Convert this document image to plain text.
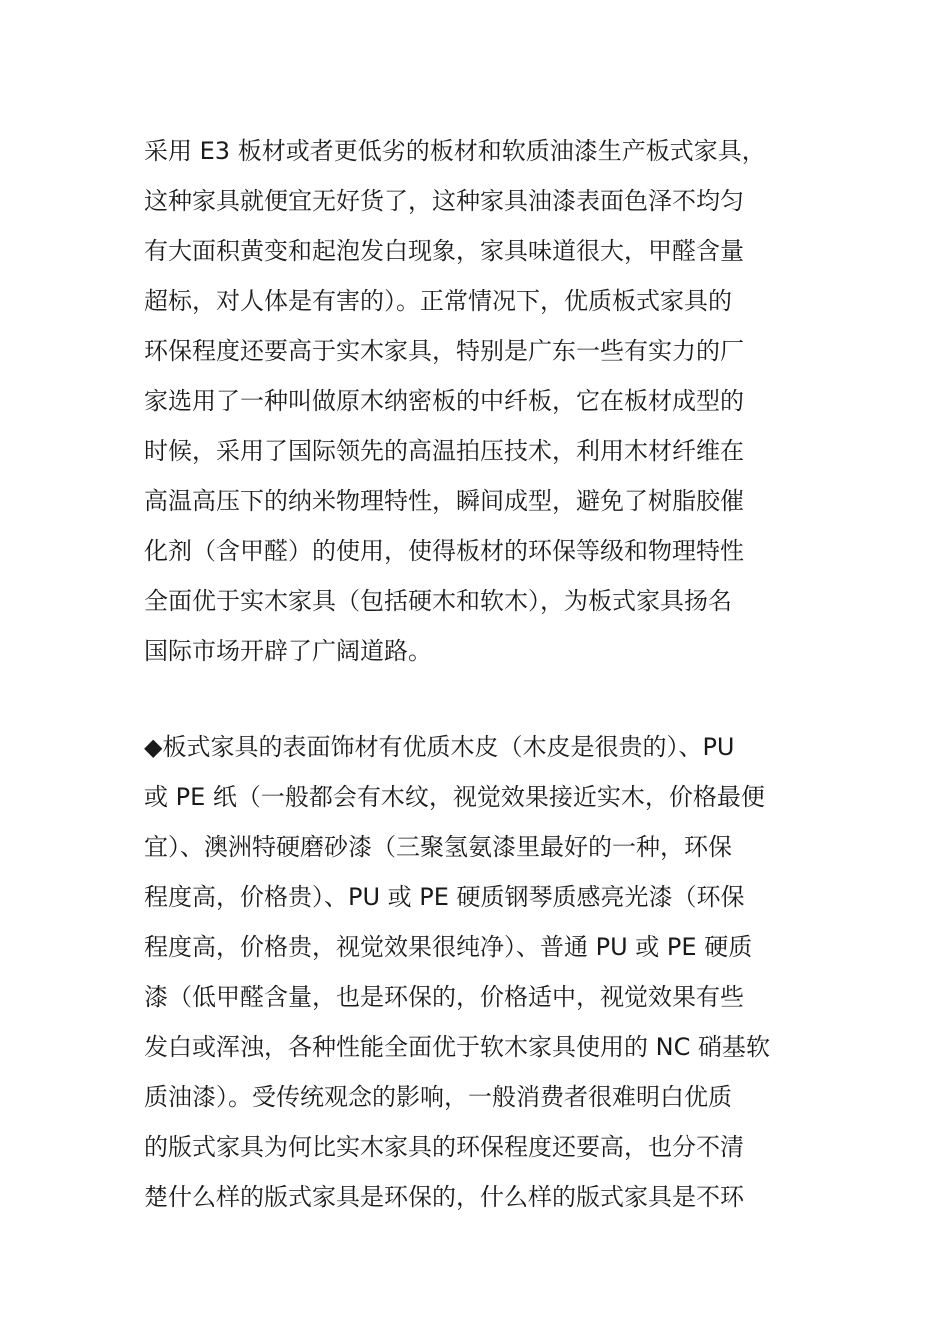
采用 E3 板材或者更低劣的板材和软质油漆生产板式家具，
这种家具就便宜无好货了，这种家具油漆表面色泽不均匀
有大面积黄变和起泡发白现象，家具味道很大，甲醛含量
超标，对人体是有害的）。正常情况下，优质板式家具的
环保程度还要高于实木家具，特别是广东一些有实力的厂
家选用了一种叫做原木纳密板的中纤板，它在板材成型的
时候，采用了国际领先的高温拍压技术，利用木材纤维在
高温高压下的纳米物理特性，瞬间成型，避免了树脂胶催
化剂（含甲醛）的使用，使得板材的环保等级和物理特性
全面优于实木家具（包括硬木和软木），为板式家具扬名
国际市场开辟了广阔道路。
◆板式家具的表面饰材有优质木皮（木皮是很贵的）、PU
或 PE 纸（一般都会有木纹，视觉效果接近实木，价格最便
宜）、澳洲特硬磨砂漆（三聚氢氨漆里最好的一种，环保
程度高，价格贵）、PU 或 PE 硬质钢琴质感亮光漆（环保
程度高，价格贵，视觉效果很纯净）、普通 PU 或 PE 硬质
漆（低甲醛含量，也是环保的，价格适中，视觉效果有些
发白或浑浊，各种性能全面优于软木家具使用的 NC 硝基软
质油漆）。受传统观念的影响，一般消费者很难明白优质
的版式家具为何比实木家具的环保程度还要高，也分不清
楚什么样的版式家具是环保的，什么样的版式家具是不环
